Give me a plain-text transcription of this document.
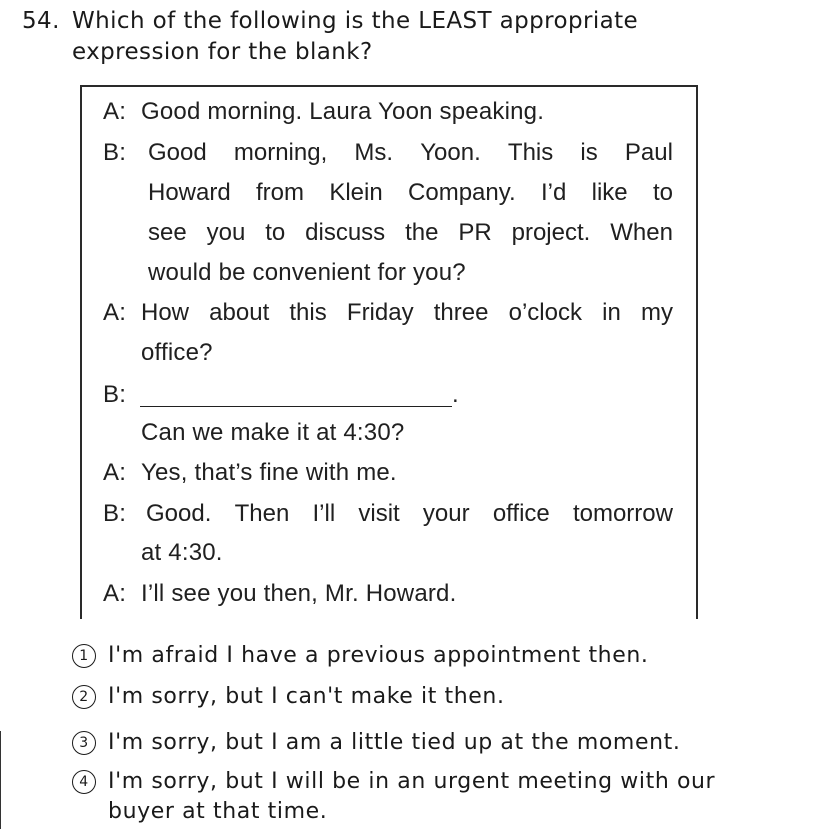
54. Which of the following is the LEAST appropriate
expression for the blank?
A: Good morning. Laura Yoon speaking.
B: Good morning, Ms. Yoon. This is Paul
Howard from Klein Company. I’d like to
see you to discuss the PR project. When
would be convenient for you?
A: How about this Friday three o’clock in my
office?
B:	.
Can we make it at 4:30?
A: Yes, that’s fine with me.
B: Good. Then I’ll visit your office tomorrow
at 4:30.
A: I’ll see you then, Mr. Howard.
1 I'm afraid I have a previous appointment then.
2 I'm sorry, but I can't make it then.
3 I'm sorry, but I am a little tied up at the moment.
4 I'm sorry, but I will be in an urgent meeting with our
buyer at that time.
